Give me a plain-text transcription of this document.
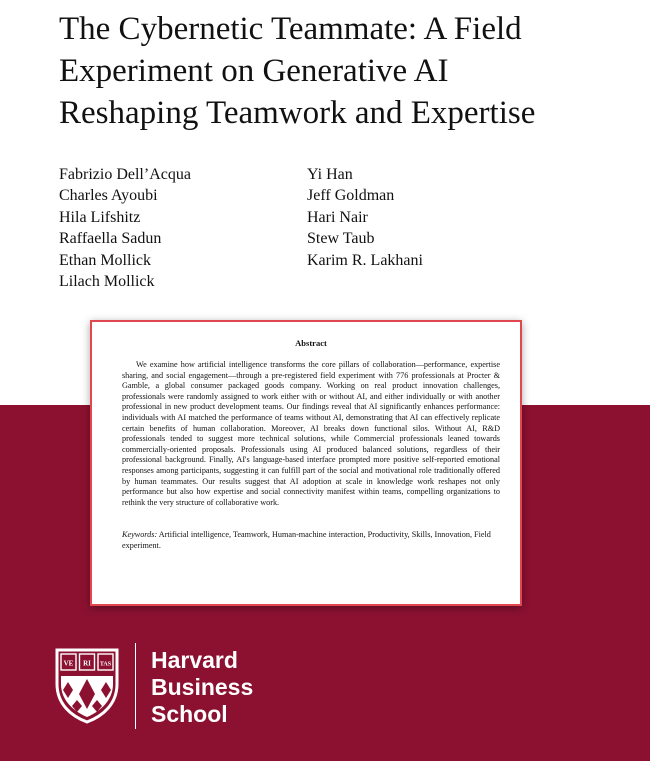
The Cybernetic Teammate: A Field
Experiment on Generative AI
Reshaping Teamwork and Expertise
Fabrizio Dell’Acqua
Charles Ayoubi
Hila Lifshitz
Raffaella Sadun
Ethan Mollick
Lilach Mollick
Yi Han
Jeff Goldman
Hari Nair
Stew Taub
Karim R. Lakhani
Abstract

We examine how artificial intelligence transforms the core pillars of collaboration—performance, expertise sharing, and social engagement—through a pre-registered field experiment with 776 professionals at Procter & Gamble, a global consumer packaged goods company. Working on real product innovation challenges, professionals were randomly assigned to work either with or without AI, and either individually or with another professional in new product development teams. Our findings reveal that AI significantly enhances performance: individuals with AI matched the performance of teams without AI, demonstrating that AI can effectively replicate certain benefits of human collaboration. Moreover, AI breaks down functional silos. Without AI, R&D professionals tended to suggest more technical solutions, while Commercial professionals leaned towards commercially-oriented proposals. Professionals using AI produced balanced solutions, regardless of their professional background. Finally, AI's language-based interface prompted more positive self-reported emotional responses among participants, suggesting it can fulfill part of the social and motivational role traditionally offered by human teammates. Our results suggest that AI adoption at scale in knowledge work reshapes not only performance but also how expertise and social connectivity manifest within teams, compelling organizations to rethink the very structure of collaborative work.

Keywords: Artificial intelligence, Teamwork, Human-machine interaction, Productivity, Skills, Innovation, Field experiment.
VE RI TAS Harvard
Business
School
